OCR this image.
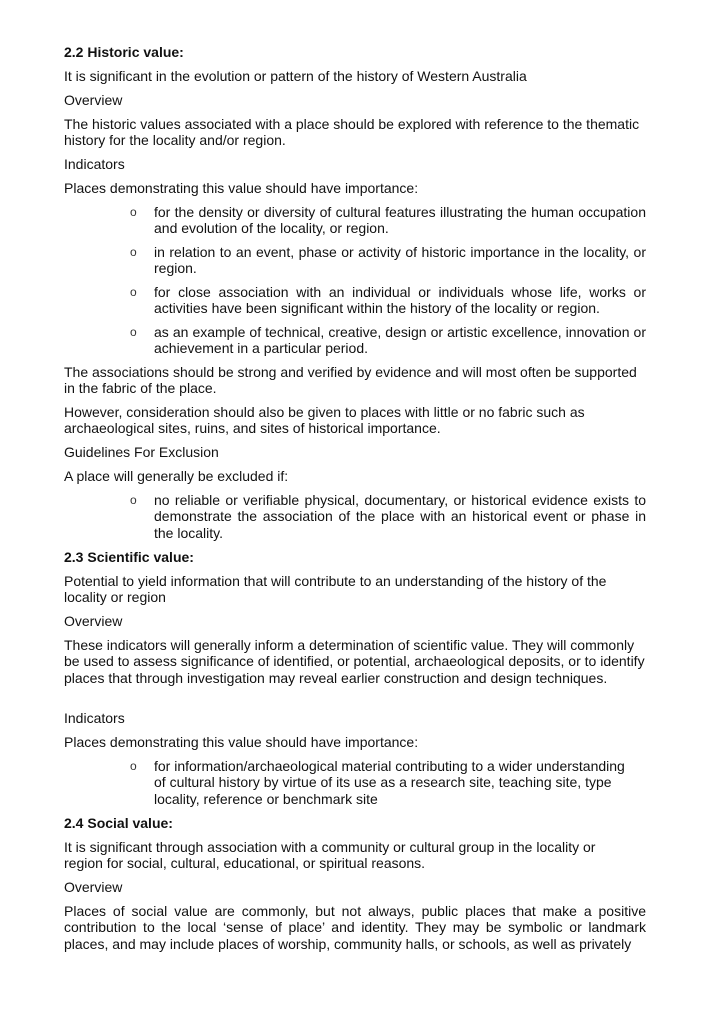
2.2 Historic value:

It is significant in the evolution or pattern of the history of Western Australia

Overview

The historic values associated with a place should be explored with reference to the thematic history for the locality and/or region.

Indicators

Places demonstrating this value should have importance:

o for the density or diversity of cultural features illustrating the human occupation and evolution of the locality, or region.
o in relation to an event, phase or activity of historic importance in the locality, or region.
o for close association with an individual or individuals whose life, works or activities have been significant within the history of the locality or region.
o as an example of technical, creative, design or artistic excellence, innovation or achievement in a particular period.

The associations should be strong and verified by evidence and will most often be supported in the fabric of the place.

However, consideration should also be given to places with little or no fabric such as archaeological sites, ruins, and sites of historical importance.

Guidelines For Exclusion

A place will generally be excluded if:

o no reliable or verifiable physical, documentary, or historical evidence exists to demonstrate the association of the place with an historical event or phase in the locality.

2.3 Scientific value:

Potential to yield information that will contribute to an understanding of the history of the locality or region

Overview

These indicators will generally inform a determination of scientific value. They will commonly be used to assess significance of identified, or potential, archaeological deposits, or to identify places that through investigation may reveal earlier construction and design techniques.

Indicators

Places demonstrating this value should have importance:

o for information/archaeological material contributing to a wider understanding of cultural history by virtue of its use as a research site, teaching site, type locality, reference or benchmark site

2.4 Social value:

It is significant through association with a community or cultural group in the locality or region for social, cultural, educational, or spiritual reasons.

Overview

Places of social value are commonly, but not always, public places that make a positive contribution to the local ‘sense of place’ and identity. They may be symbolic or landmark places, and may include places of worship, community halls, or schools, as well as privately
